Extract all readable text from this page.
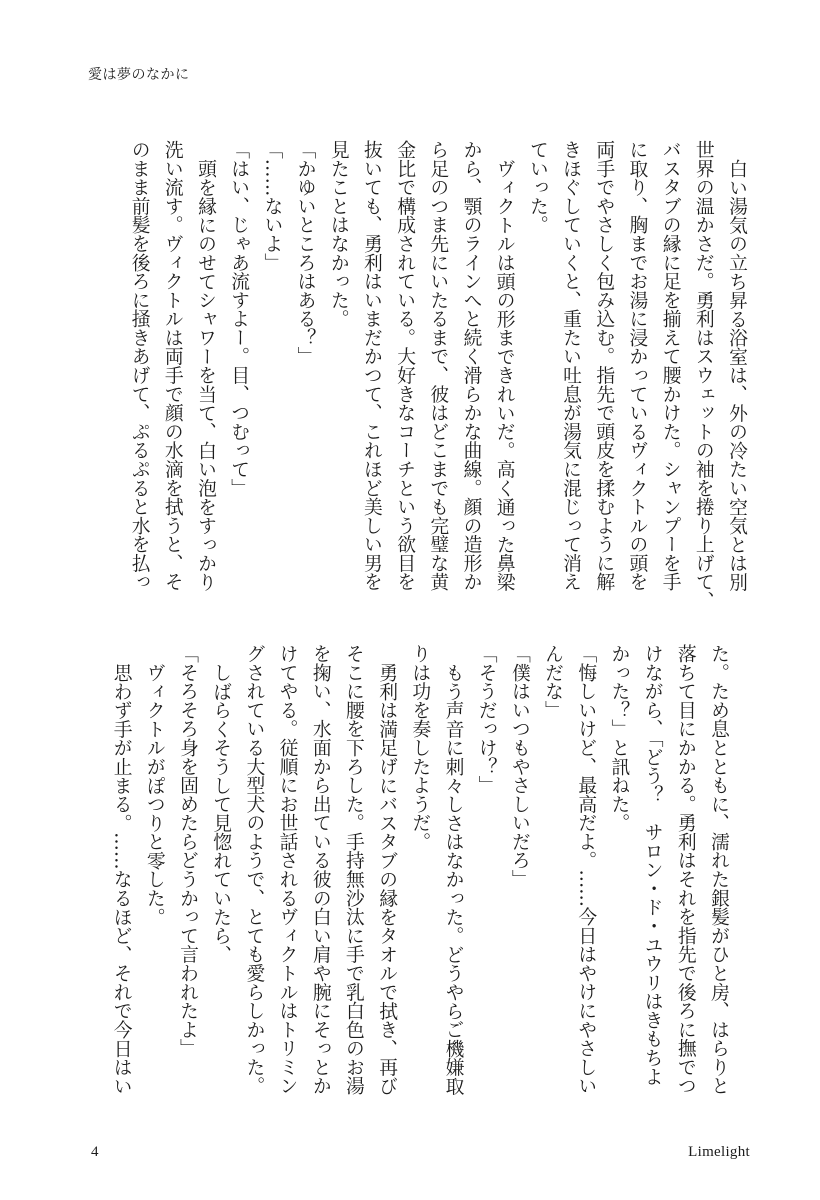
愛は夢のなかに
白い湯気の立ち昇る浴室は、外の冷たい空気とは別
世界の温かさだ。勇利はスウェットの袖を捲り上げて、
バスタブの縁に足を揃えて腰かけた。シャンプーを手
に取り、胸までお湯に浸かっているヴィクトルの頭を
両手でやさしく包み込む。指先で頭皮を揉むように解
きほぐしていくと、重たい吐息が湯気に混じって消え
ていった。
ヴィクトルは頭の形まできれいだ。高く通った鼻梁
から、顎のラインへと続く滑らかな曲線。顔の造形か
ら足のつま先にいたるまで、彼はどこまでも完璧な黄
金比で構成されている。大好きなコーチという欲目を
抜いても、勇利はいまだかつて、これほど美しい男を
見たことはなかった。
「かゆいところはある？」
「……ないよ」
「はい、じゃあ流すよー。目、つむって」
頭を縁にのせてシャワーを当て、白い泡をすっかり
洗い流す。ヴィクトルは両手で顔の水滴を拭うと、そ
のまま前髪を後ろに掻きあげて、ぷるぷると水を払っ
た。ため息とともに、濡れた銀髪がひと房、はらりと
落ちて目にかかる。勇利はそれを指先で後ろに撫でつ
けながら、「どう？　サロン・ド・ユウリはきもちよ
かった？」と訊ねた。
「悔しいけど、最高だよ。……今日はやけにやさしい
んだな」
「僕はいつもやさしいだろ」
「そうだっけ？」
もう声音に刺々しさはなかった。どうやらご機嫌取
りは功を奏したようだ。
勇利は満足げにバスタブの縁をタオルで拭き、再び
そこに腰を下ろした。手持無沙汰に手で乳白色のお湯
を掬い、水面から出ている彼の白い肩や腕にそっとか
けてやる。従順にお世話されるヴィクトルはトリミン
グされている大型犬のようで、とても愛らしかった。
しばらくそうして見惚れていたら、
「そろそろ身を固めたらどうかって言われたよ」
ヴィクトルがぽつりと零した。
思わず手が止まる。……なるほど、それで今日はい
4	Limelight
